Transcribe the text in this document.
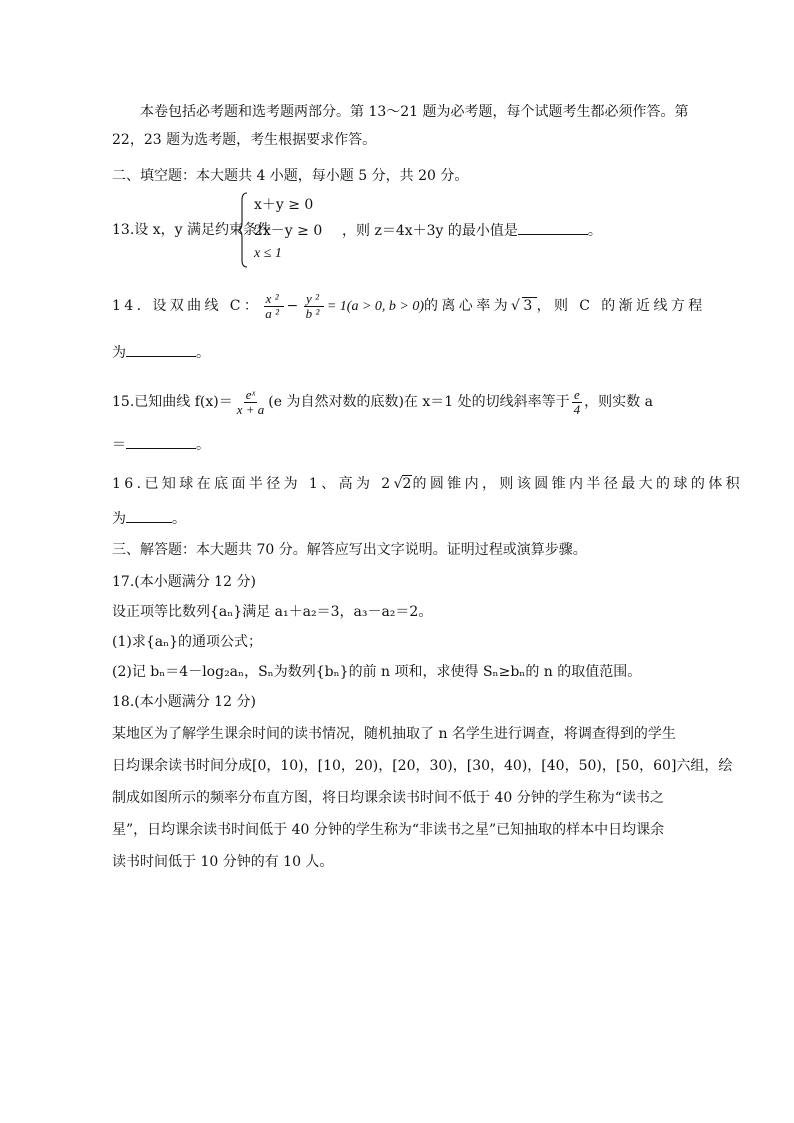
本卷包括必考题和选考题两部分。第 13～21 题为必考题，每个试题考生都必须作答。第
22，23 题为选考题，考生根据要求作答。
二、填空题：本大题共 4 小题，每小题 5 分，共 20 分。
13.设 x，y 满足约束条件
x＋y ≥ 0
2x－y ≥ 0
x ≤ 1
，则 z＝4x＋3y 的最小值是	。
14. 设双曲线 C： $\frac{\text{x²}}{\text{a²}} - \frac{\text{y²}}{\text{b²}} = 1(a > 0$, b > 0)的离心率为√3，则 C 的渐近线方程
为	。
15.已知曲线 $f(x)= \frac{\text{eˣ}}{x + a} (e$ 为自然对数的底数)在 x＝1 处的切线斜率等于 $\frac{e}{4}$ ，则实数 a
＝	。
16.已知球在底面半径为 1、高为 2√2的圆锥内，则该圆锥内半径最大的球的体积
为	。
三、解答题：本大题共 70 分。解答应写出文字说明。证明过程或演算步骤。
17.(本小题满分 12 分)
设正项等比数列{aₙ}满足 a₁＋a₂＝3，a₃－a₂＝2。
(1)求{aₙ}的通项公式；
(2)记 bₙ＝4－log₂aₙ，Sₙ为数列{bₙ}的前 n 项和，求使得 Sₙ≥bₙ的 n 的取值范围。
18.(本小题满分 12 分)
某地区为了解学生课余时间的读书情况，随机抽取了 n 名学生进行调查，将调查得到的学生
日均课余读书时间分成[0，10)，[10，20)，[20，30)，[30，40)，[40，50)，[50，60]六组，绘
制成如图所示的频率分布直方图，将日均课余读书时间不低于 40 分钟的学生称为“读书之
星”，日均课余读书时间低于 40 分钟的学生称为“非读书之星”已知抽取的样本中日均课余
读书时间低于 10 分钟的有 10 人。
